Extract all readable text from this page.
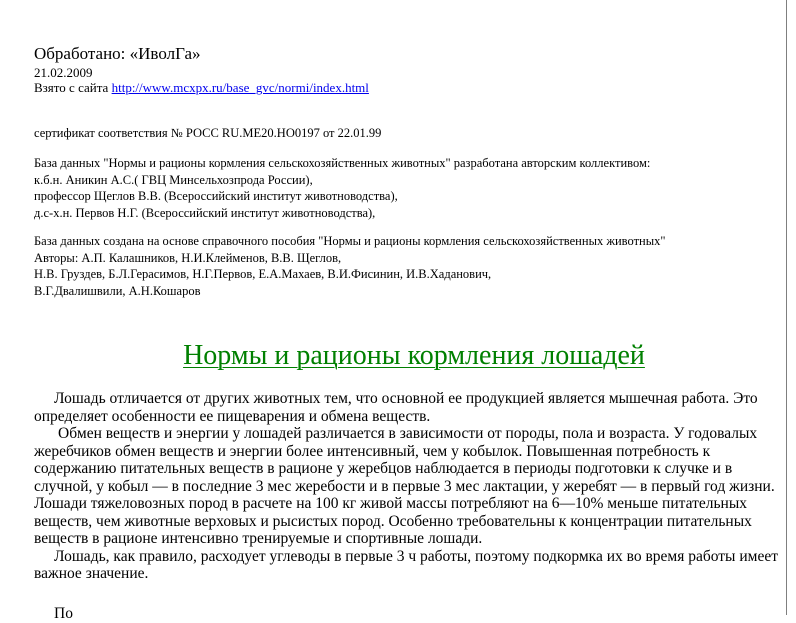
Обработано: «ИволГа»
21.02.2009
Взято с сайта http://www.mcxpx.ru/base_gvc/normi/index.html
сертификат соответствия № РОСС RU.МЕ20.НО0197 от 22.01.99
База данных "Нормы и рационы кормления сельскохозяйственных животных" разработана авторским коллективом:
к.б.н. Аникин А.С.( ГВЦ Минсельхозпрода России),
профессор Щеглов В.В. (Всероссийский институт животноводства),
д.с-х.н. Первов Н.Г. (Всероссийский институт животноводства),
База данных создана на основе справочного пособия "Нормы и рационы кормления сельскохозяйственных животных"
Авторы: А.П. Калашников, Н.И.Клейменов, В.В. Щеглов,
Н.В. Груздев, Б.Л.Герасимов, Н.Г.Первов, Е.А.Махаев, В.И.Фисинин, И.В.Хаданович,
В.Г.Двалишвили, А.Н.Кошаров
Нормы и рационы кормления лошадей

Лошадь отличается от других животных тем, что основной ее продукцией является мышечная работа. Это определяет особенности ее пищеварения и обмена веществ.

Обмен веществ и энергии у лошадей различается в зависимости от породы, пола и возраста. У годовалых жеребчиков обмен веществ и энергии более интенсивный, чем у кобылок. Повышенная потребность к содержанию питательных веществ в рационе у жеребцов наблюдается в периоды подготовки к случке и в случной, у кобыл — в последние 3 мес жеребости и в первые 3 мес лактации, у жеребят — в первый год жизни. Лошади тяжеловозных пород в расчете на 100 кг живой массы потребляют на 6—10% меньше питательных веществ, чем животные верховых и рысистых пород. Особенно требовательны к концентрации питательных веществ в рационе интенсивно тренируемые и спортивные лошади.

Лошадь, как правило, расходует углеводы в первые 3 ч работы, поэтому подкормка их во время работы имеет важное значение.

По
